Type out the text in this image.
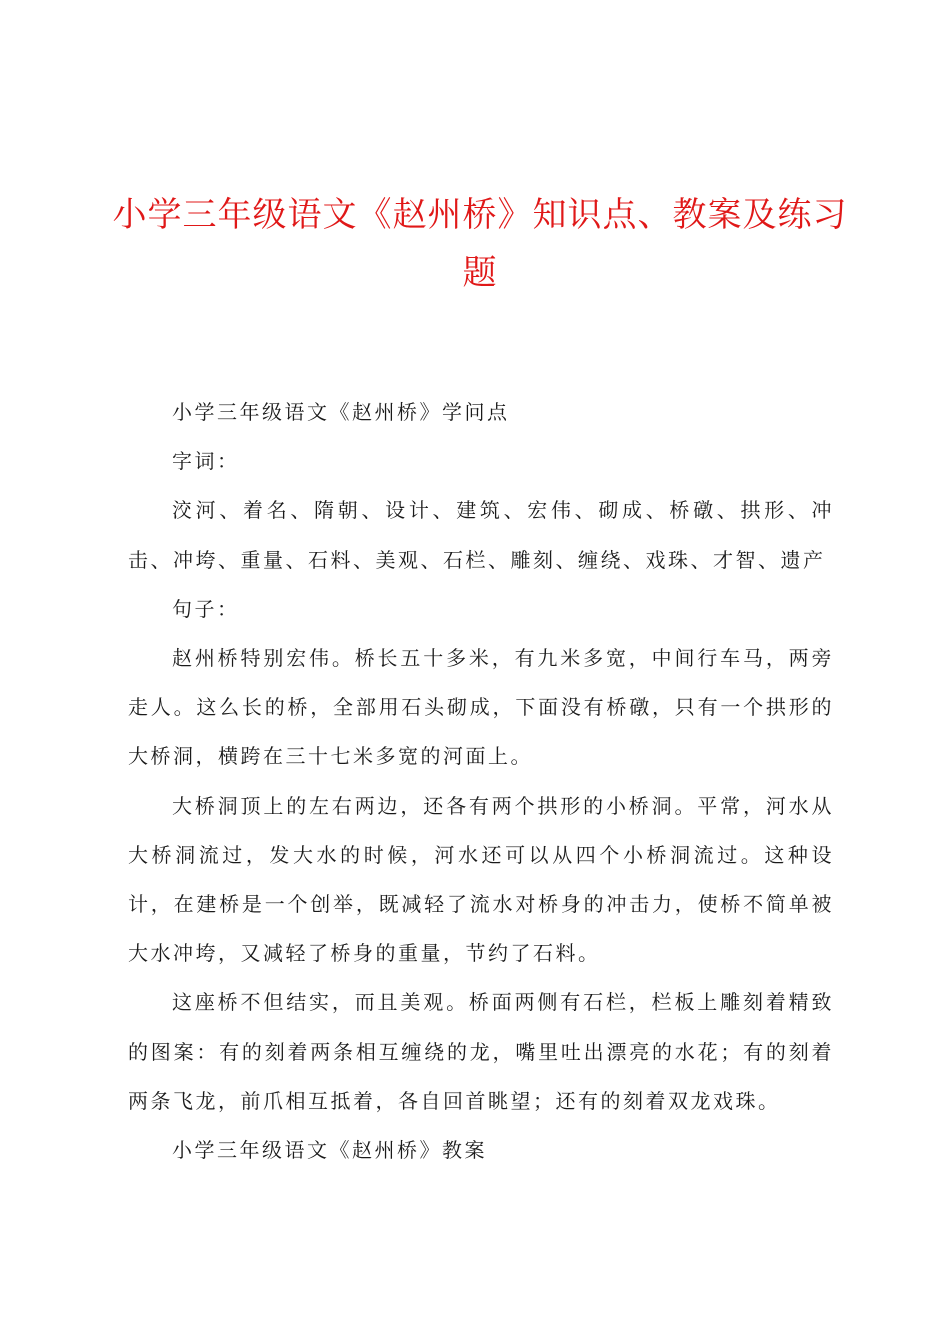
小学三年级语文《赵州桥》知识点、教案及练习题

小学三年级语文《赵州桥》学问点

字词：

洨河、着名、隋朝、设计、建筑、宏伟、砌成、桥礅、拱形、冲击、冲垮、重量、石料、美观、石栏、雕刻、缠绕、戏珠、才智、遗产

句子：

赵州桥特别宏伟。桥长五十多米，有九米多宽，中间行车马，两旁走人。这么长的桥，全部用石头砌成，下面没有桥礅，只有一个拱形的大桥洞，横跨在三十七米多宽的河面上。

大桥洞顶上的左右两边，还各有两个拱形的小桥洞。平常，河水从大桥洞流过，发大水的时候，河水还可以从四个小桥洞流过。这种设计，在建桥是一个创举，既减轻了流水对桥身的冲击力，使桥不简单被大水冲垮，又减轻了桥身的重量，节约了石料。

这座桥不但结实，而且美观。桥面两侧有石栏，栏板上雕刻着精致的图案：有的刻着两条相互缠绕的龙，嘴里吐出漂亮的水花；有的刻着两条飞龙，前爪相互抵着，各自回首眺望；还有的刻着双龙戏珠。

小学三年级语文《赵州桥》教案
